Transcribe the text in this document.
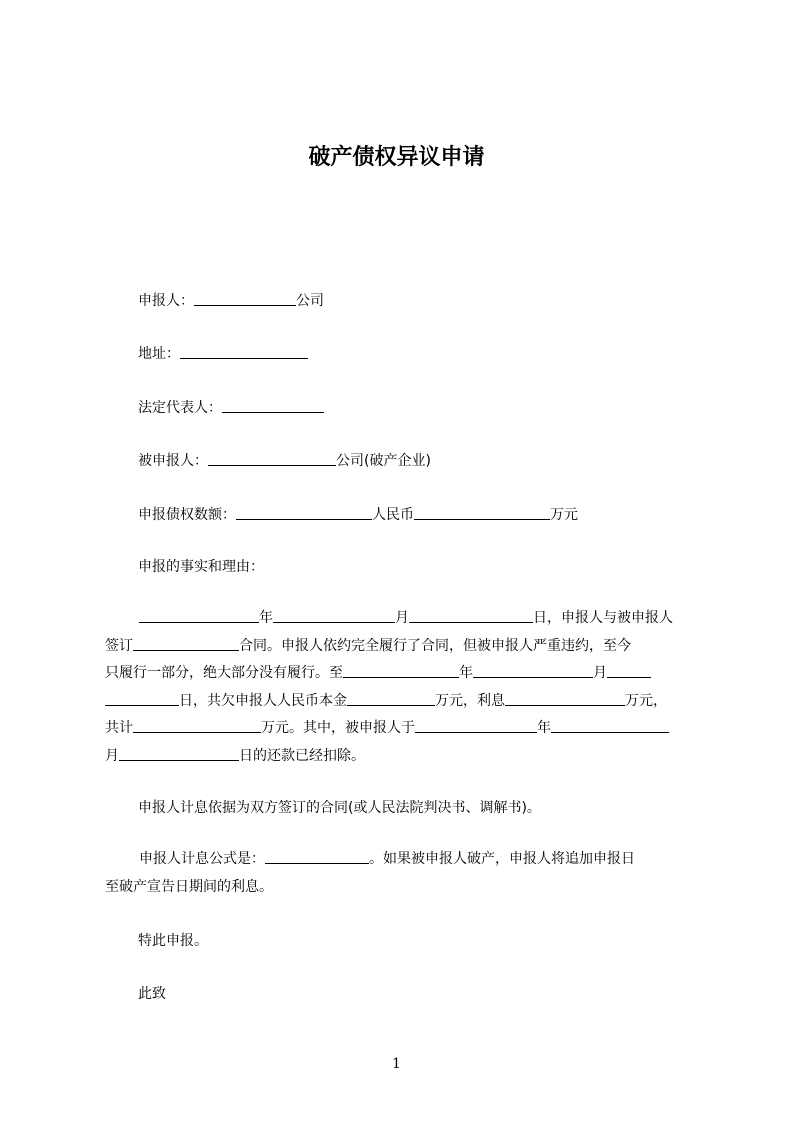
破产债权异议申请
申报人：	公司
地址：
法定代表人：
被申报人：	公司(破产企业)
申报债权数额：	人民币	万元
申报的事实和理由：
年	月	日，申报人与被申报人
签订	合同。申报人依约完全履行了合同，但被申报人严重违约，至今
只履行一部分，绝大部分没有履行。至	年	月
日，共欠申报人人民币本金	万元，利息	万元，
共计	万元。其中，被申报人于	年
月	日的还款已经扣除。
申报人计息依据为双方签订的合同(或人民法院判决书、调解书)。
申报人计息公式是：	。如果被申报人破产，申报人将追加申报日
至破产宣告日期间的利息。
特此申报。
此致
1
